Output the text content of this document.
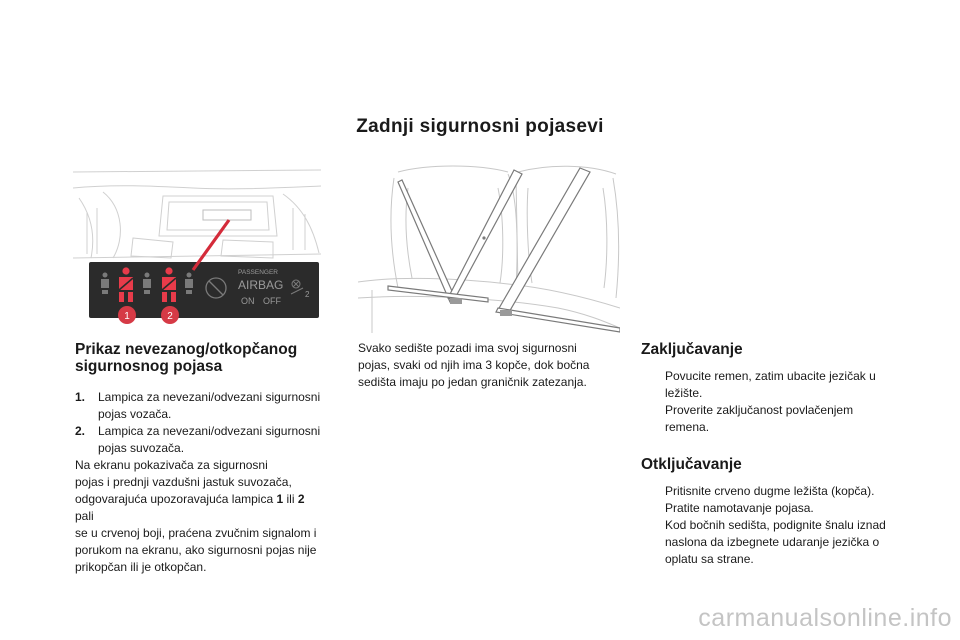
Zadnji sigurnosni pojasevi
PASSENGER
AIRBAG
ON OFF
2
1	2
Prikaz nevezanog/otkopčanog
sigurnosnog pojasa
1. Lampica za nevezani/odvezani sigurnosni
pojas vozača.
2. Lampica za nevezani/odvezani sigurnosni
pojas suvozača.
Na ekranu pokazivača za sigurnosni
pojas i prednji vazdušni jastuk suvozača,
odgovarajuća upozoravajuća lampica 1 ili 2 pali
se u crvenoj boji, praćena zvučnim signalom i
porukom na ekranu, ako sigurnosni pojas nije
prikopčan ili je otkopčan.
Svako sedište pozadi ima svoj sigurnosni
pojas, svaki od njih ima 3 kopče, dok bočna
sedišta imaju po jedan graničnik zatezanja.
Zaključavanje
Povucite remen, zatim ubacite jezičak u
ležište.
Proverite zaključanost povlačenjem
remena.
Otključavanje
Pritisnite crveno dugme ležišta (kopča).
Pratite namotavanje pojasa.
Kod bočnih sedišta, podignite šnalu iznad
naslona da izbegnete udaranje jezička o
oplatu sa strane.
carmanualsonline.info
